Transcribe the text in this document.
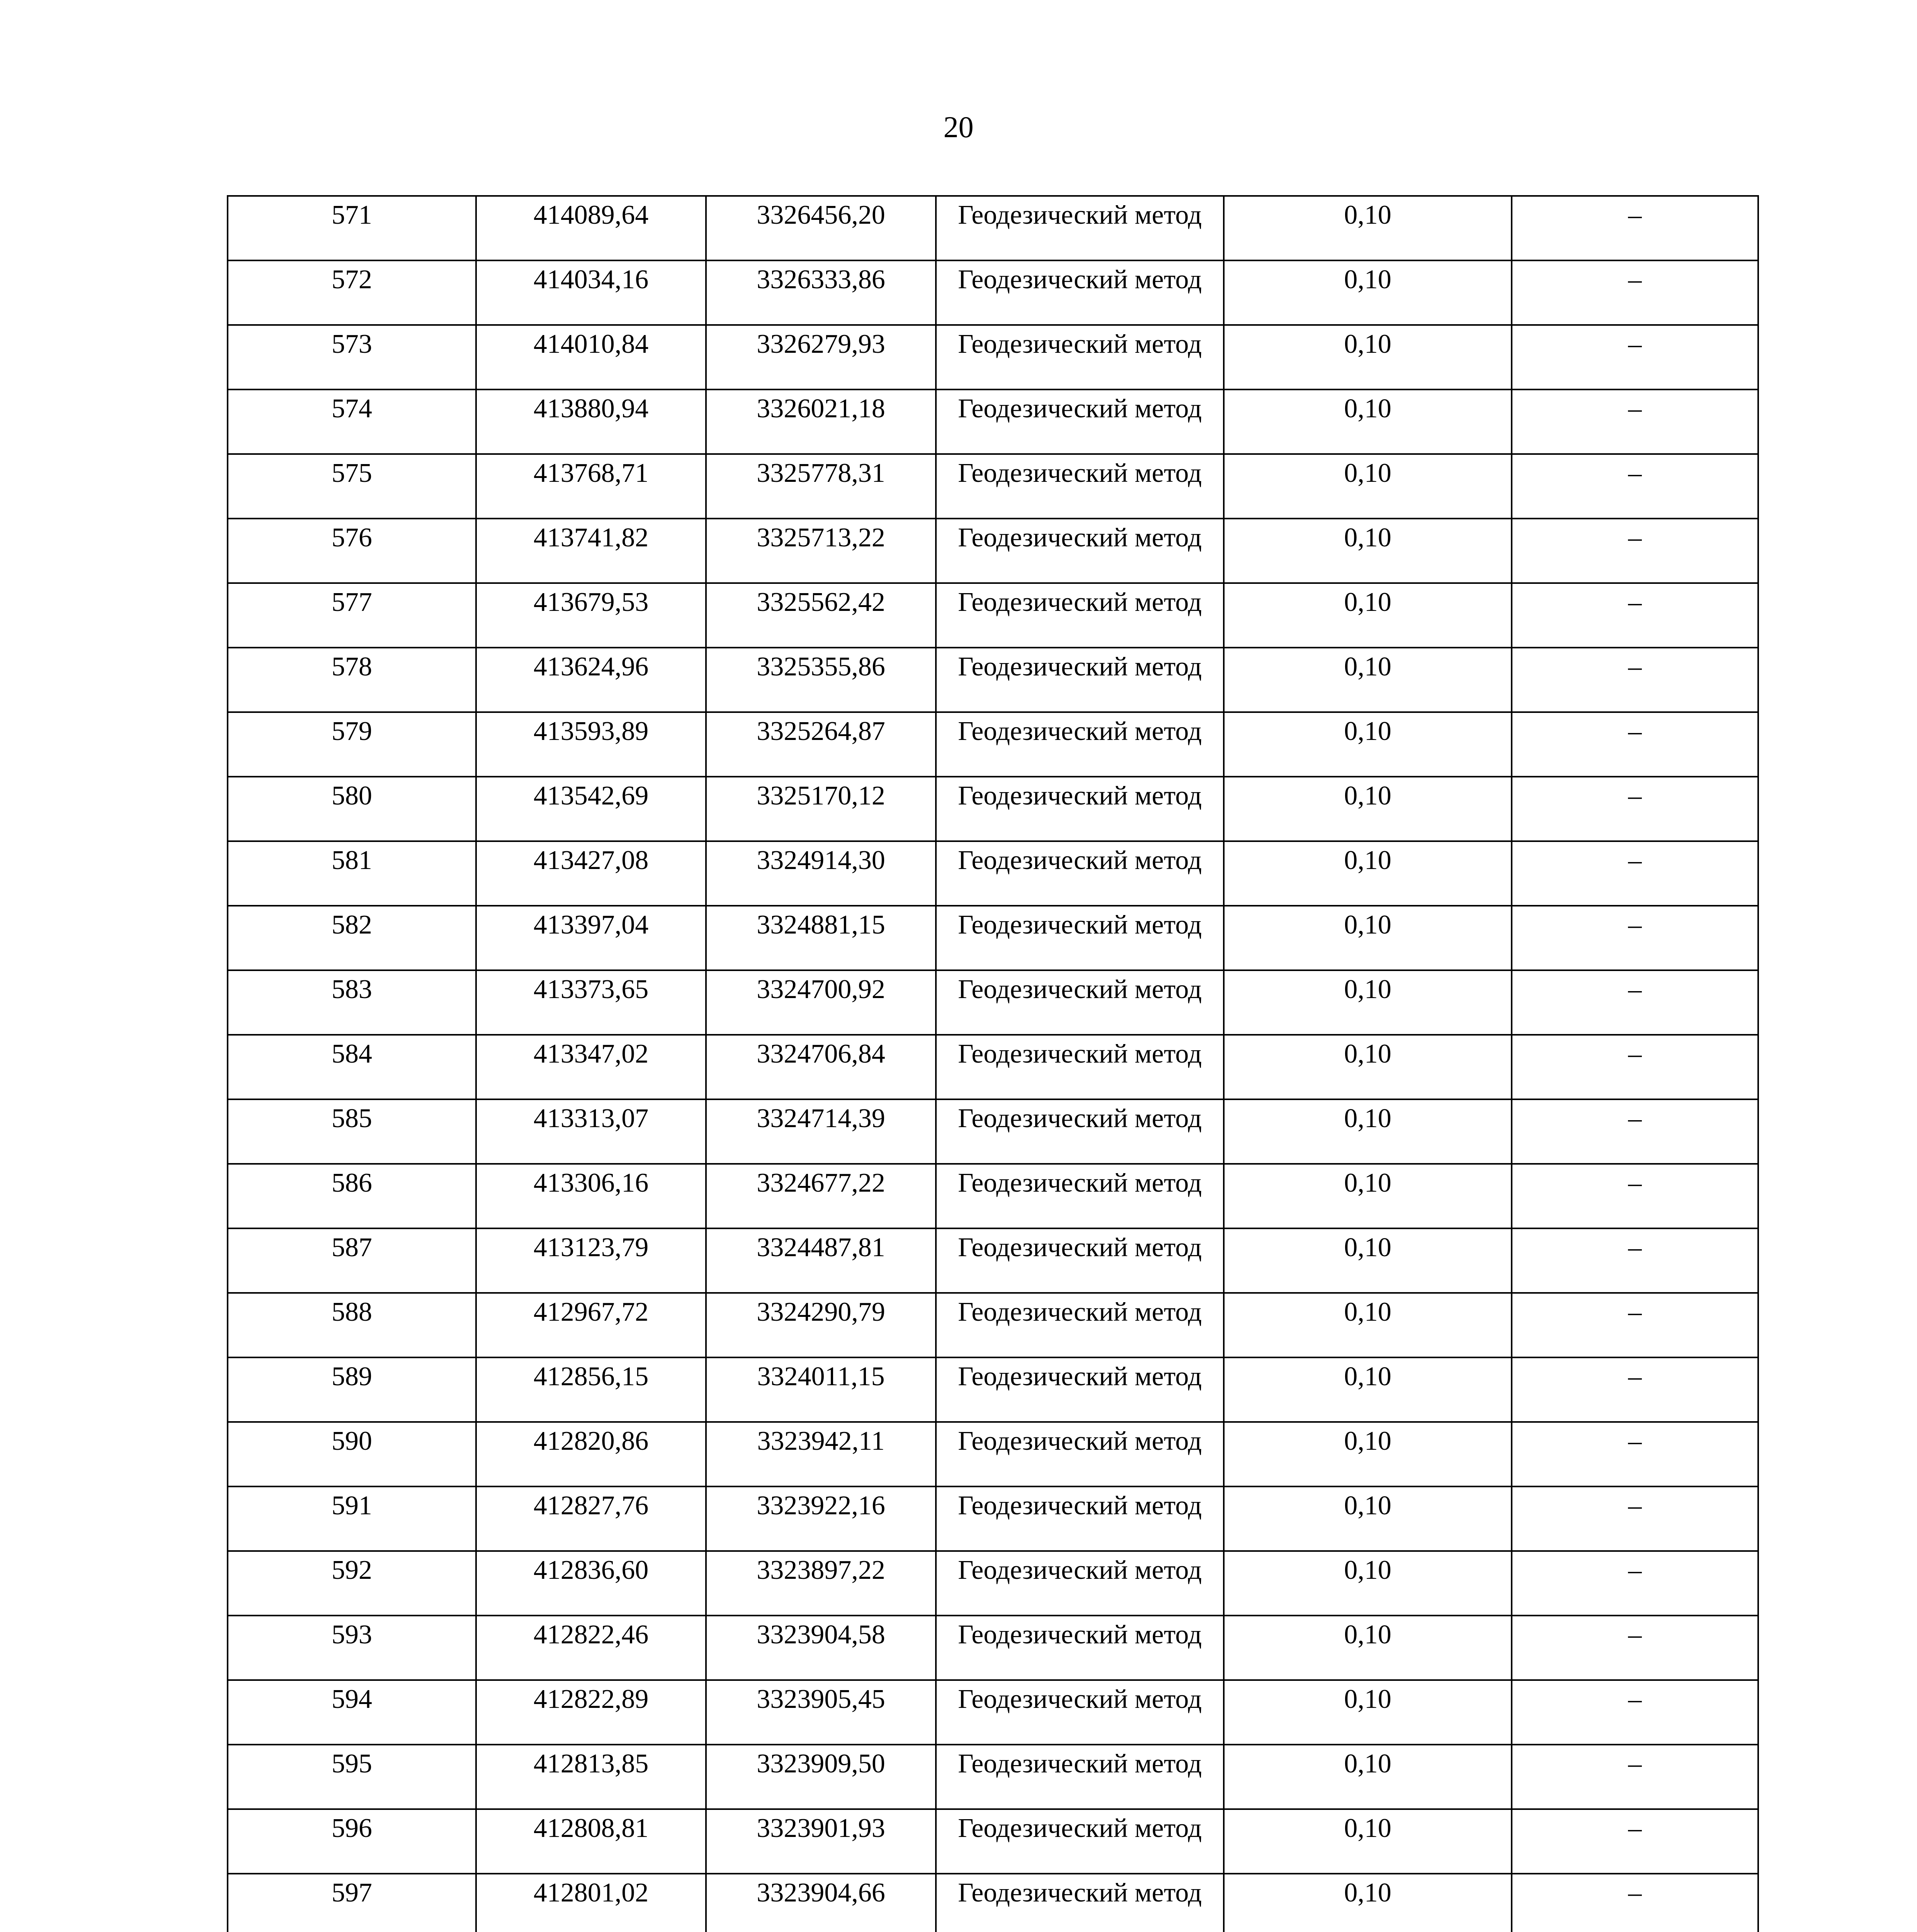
20
571	414089,64	3326456,20	Геодезический метод	0,10	–
572	414034,16	3326333,86	Геодезический метод	0,10	–
573	414010,84	3326279,93	Геодезический метод	0,10	–
574	413880,94	3326021,18	Геодезический метод	0,10	–
575	413768,71	3325778,31	Геодезический метод	0,10	–
576	413741,82	3325713,22	Геодезический метод	0,10	–
577	413679,53	3325562,42	Геодезический метод	0,10	–
578	413624,96	3325355,86	Геодезический метод	0,10	–
579	413593,89	3325264,87	Геодезический метод	0,10	–
580	413542,69	3325170,12	Геодезический метод	0,10	–
581	413427,08	3324914,30	Геодезический метод	0,10	–
582	413397,04	3324881,15	Геодезический метод	0,10	–
583	413373,65	3324700,92	Геодезический метод	0,10	–
584	413347,02	3324706,84	Геодезический метод	0,10	–
585	413313,07	3324714,39	Геодезический метод	0,10	–
586	413306,16	3324677,22	Геодезический метод	0,10	–
587	413123,79	3324487,81	Геодезический метод	0,10	–
588	412967,72	3324290,79	Геодезический метод	0,10	–
589	412856,15	3324011,15	Геодезический метод	0,10	–
590	412820,86	3323942,11	Геодезический метод	0,10	–
591	412827,76	3323922,16	Геодезический метод	0,10	–
592	412836,60	3323897,22	Геодезический метод	0,10	–
593	412822,46	3323904,58	Геодезический метод	0,10	–
594	412822,89	3323905,45	Геодезический метод	0,10	–
595	412813,85	3323909,50	Геодезический метод	0,10	–
596	412808,81	3323901,93	Геодезический метод	0,10	–
597	412801,02	3323904,66	Геодезический метод	0,10	–
